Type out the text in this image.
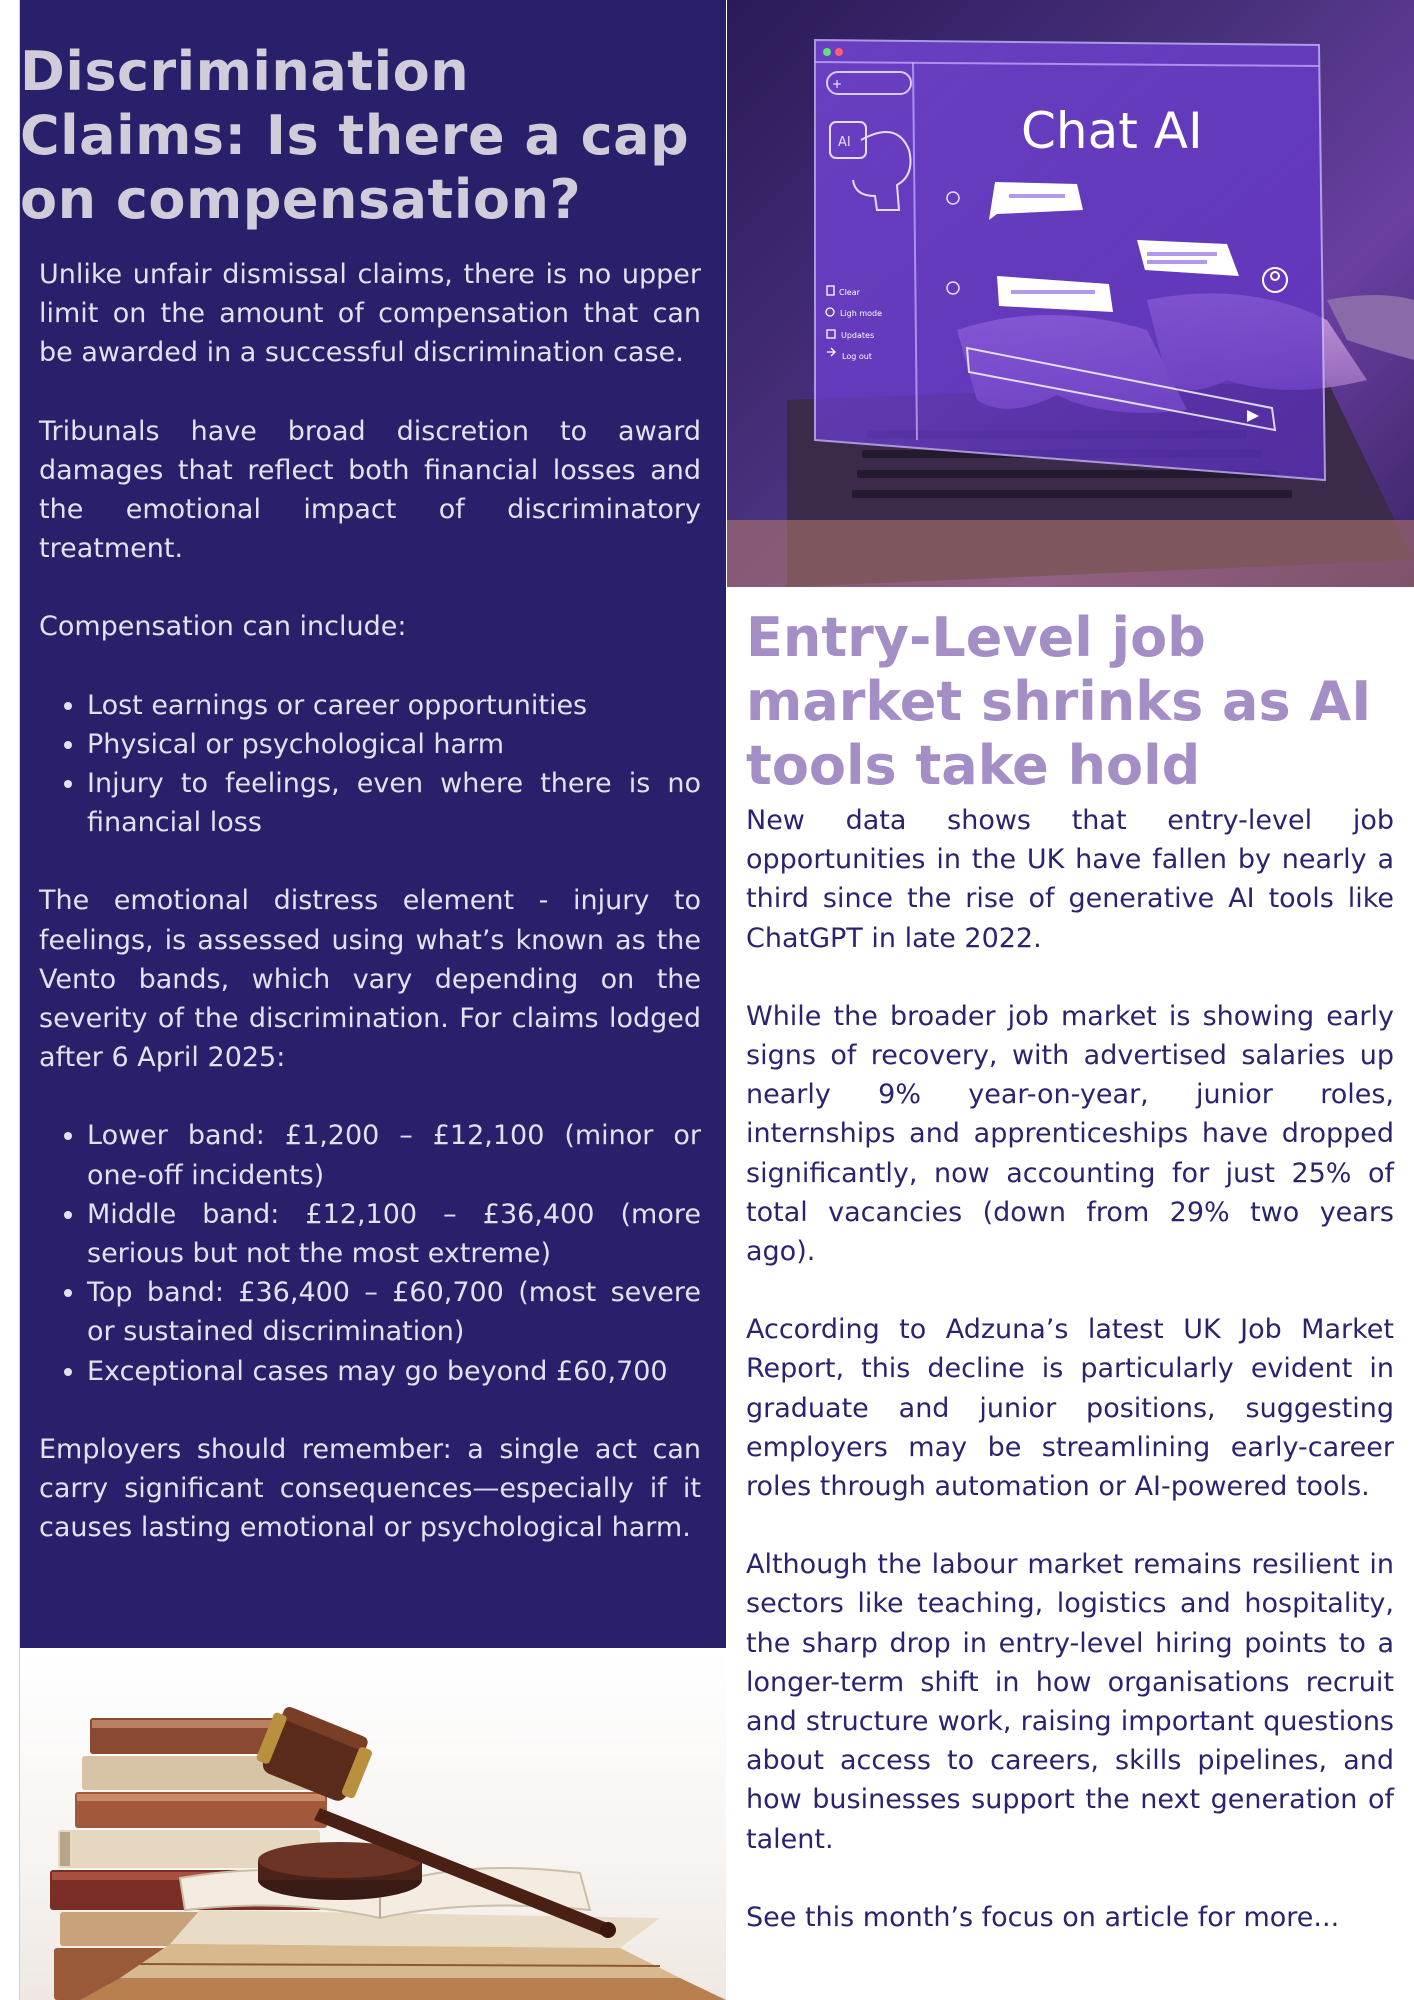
Discrimination Claims: Is there a cap on compensation?

Unlike unfair dismissal claims, there is no upper limit on the amount of compensation that can be awarded in a successful discrimination case.

Tribunals have broad discretion to award damages that reflect both financial losses and the emotional impact of discriminatory treatment.

Compensation can include:

• Lost earnings or career opportunities
• Physical or psychological harm
• Injury to feelings, even where there is no financial loss

The emotional distress element - injury to feelings, is assessed using what’s known as the Vento bands, which vary depending on the severity of the discrimination. For claims lodged after 6 April 2025:

• Lower band: £1,200 – £12,100 (minor or one-off incidents)
• Middle band: £12,100 – £36,400 (more serious but not the most extreme)
• Top band: £36,400 – £60,700 (most severe or sustained discrimination)
• Exceptional cases may go beyond £60,700

Employers should remember: a single act can carry significant consequences—especially if it causes lasting emotional or psychological harm.

+
AI
Clear
Ligh mode
Updates
Log out
Chat AI
Entry-Level job market shrinks as AI tools take hold

New data shows that entry-level job opportunities in the UK have fallen by nearly a third since the rise of generative AI tools like ChatGPT in late 2022.

While the broader job market is showing early signs of recovery, with advertised salaries up nearly 9% year-on-year, junior roles, internships and apprenticeships have dropped significantly, now accounting for just 25% of total vacancies (down from 29% two years ago).

According to Adzuna’s latest UK Job Market Report, this decline is particularly evident in graduate and junior positions, suggesting employers may be streamlining early-career roles through automation or AI-powered tools.

Although the labour market remains resilient in sectors like teaching, logistics and hospitality, the sharp drop in entry-level hiring points to a longer-term shift in how organisations recruit and structure work, raising important questions about access to careers, skills pipelines, and how businesses support the next generation of talent.

See this month’s focus on article for more...
